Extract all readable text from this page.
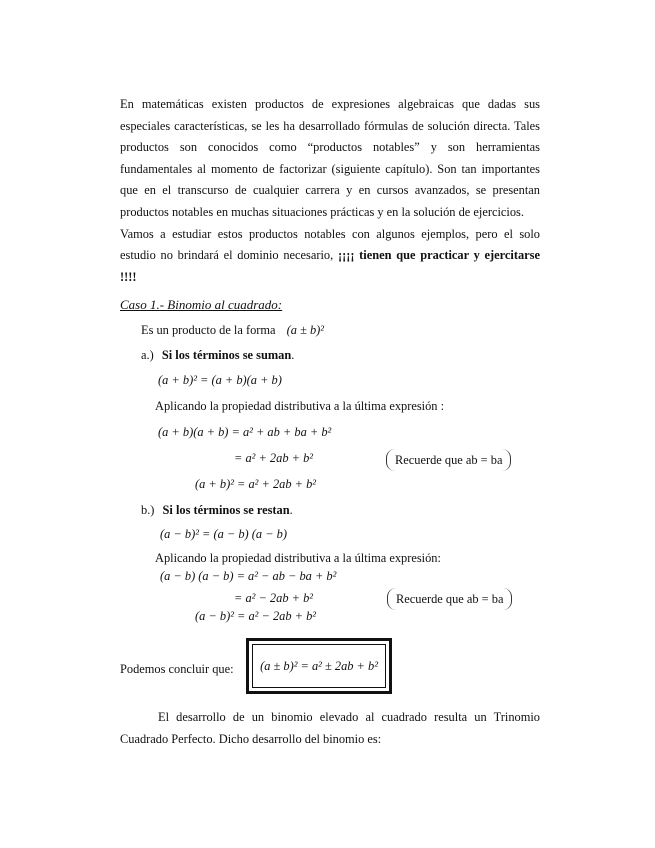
En matemáticas existen productos de expresiones algebraicas que dadas sus especiales características, se les ha desarrollado fórmulas de solución directa. Tales productos son conocidos como “productos notables” y son herramientas fundamentales al momento de factorizar (siguiente capítulo). Son tan importantes que en el transcurso de cualquier carrera y en cursos avanzados, se presentan productos notables en muchas situaciones prácticas y en la solución de ejercicios.

Vamos a estudiar estos productos notables con algunos ejemplos, pero el solo estudio no brindará el dominio necesario, ¡¡¡¡ tienen que practicar y ejercitarse !!!!

Caso 1.- Binomio al cuadrado:
Es un producto de la forma (a ± b)²
a.) Si los términos se suman.
(a + b)² = (a + b)(a + b)
Aplicando la propiedad distributiva a la última expresión :
(a + b)(a + b) = a² + ab + ba + b²
= a² + 2ab + b²	Recuerde que ab = ba
(a + b)² = a² + 2ab + b²
b.) Si los términos se restan.
(a − b)² = (a − b) (a − b)
Aplicando la propiedad distributiva a la última expresión:
(a − b) (a − b) = a² − ab − ba + b²
= a² − 2ab + b²	Recuerde que ab = ba
(a − b)² = a² − 2ab + b²
Podemos concluir que: (a ± b)² = a² ± 2ab + b²

El desarrollo de un binomio elevado al cuadrado resulta un Trinomio Cuadrado Perfecto. Dicho desarrollo del binomio es:
